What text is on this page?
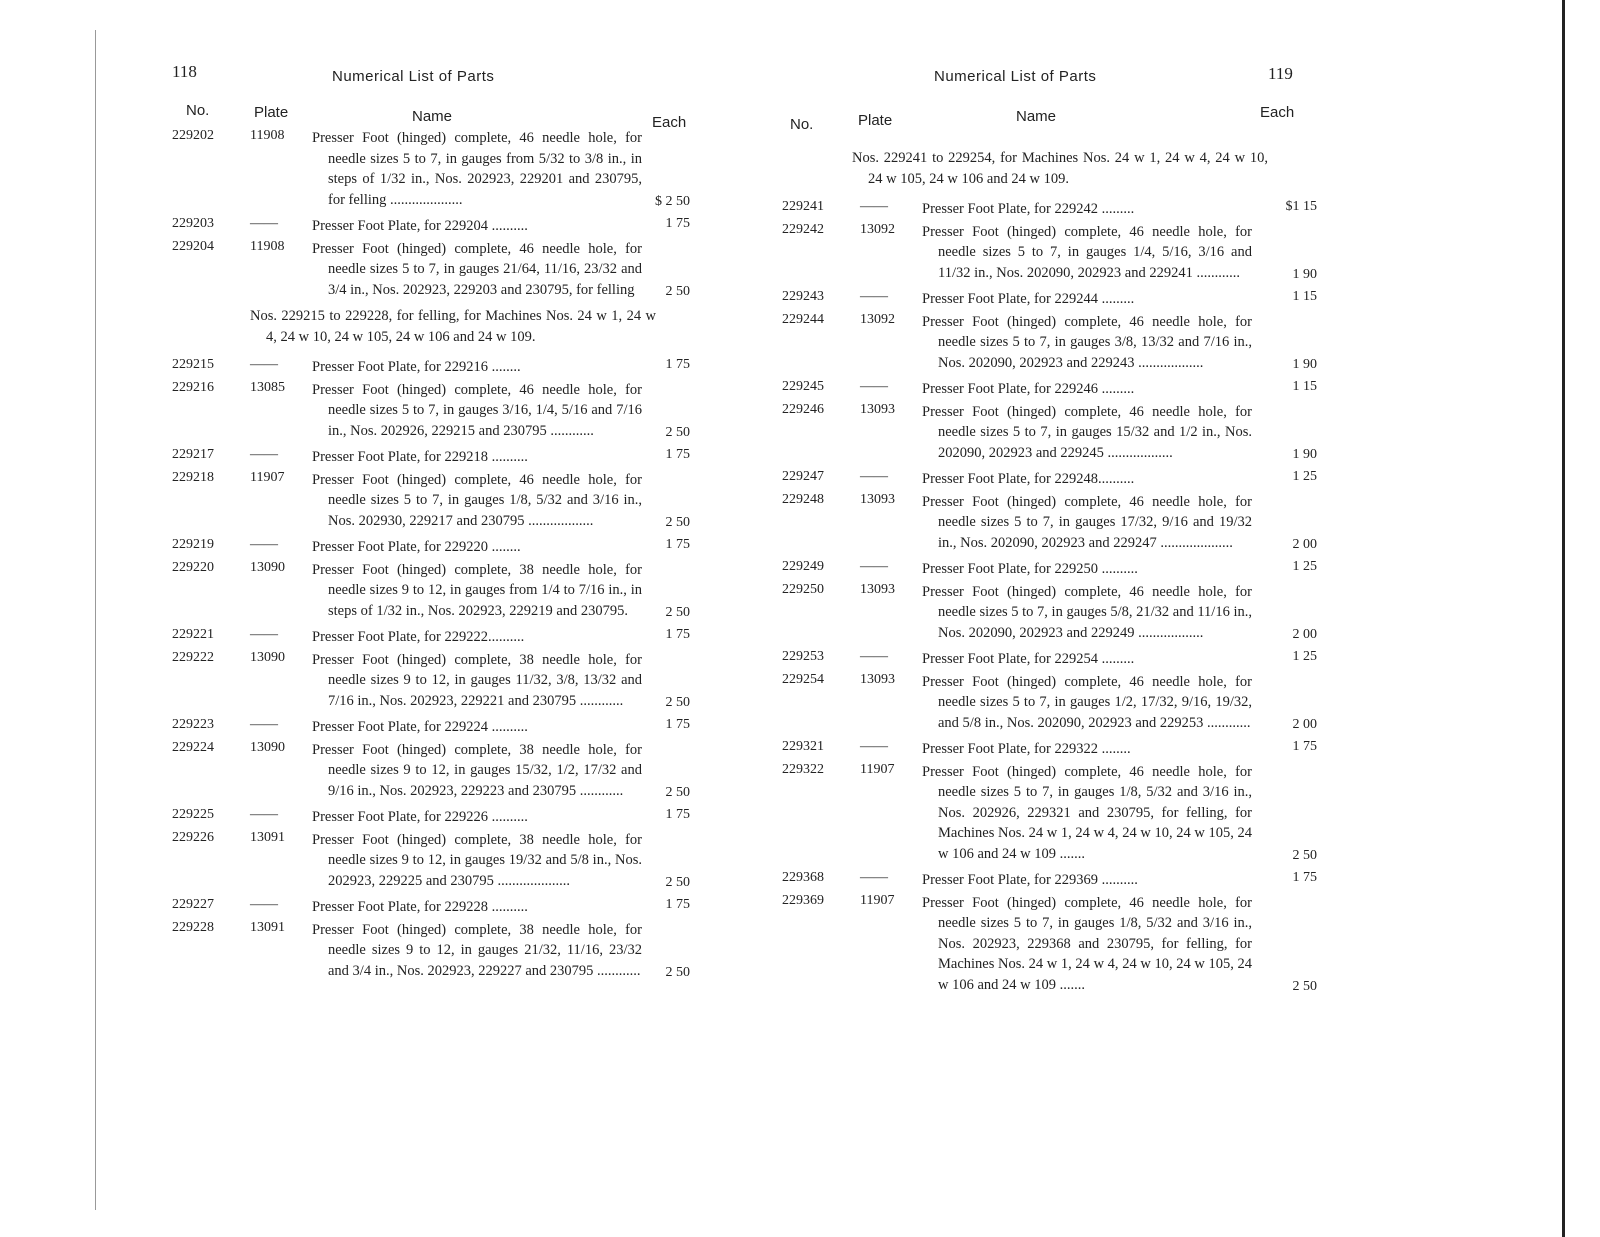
118	Numerical List of Parts
No.	Plate	Name	Each
229202	11908	Presser Foot (hinged) complete, 46 needle hole, for needle sizes 5 to 7, in gauges from 5/32 to 3/8 in., in steps of 1/32 in., Nos. 202923, 229201 and 230795, for felling ....................	$ 2 50
229203	——	Presser Foot Plate, for 229204 ..........	1 75
229204	11908	Presser Foot (hinged) complete, 46 needle hole, for needle sizes 5 to 7, in gauges 21/64, 11/16, 23/32 and 3/4 in., Nos. 202923, 229203 and 230795, for felling	2 50
Nos. 229215 to 229228, for felling, for Machines Nos. 24 w 1, 24 w 4, 24 w 10, 24 w 105, 24 w 106 and 24 w 109.
229215	——	Presser Foot Plate, for 229216 ........	1 75
229216	13085	Presser Foot (hinged) complete, 46 needle hole, for needle sizes 5 to 7, in gauges 3/16, 1/4, 5/16 and 7/16 in., Nos. 202926, 229215 and 230795 ............	2 50
229217	——	Presser Foot Plate, for 229218 ..........	1 75
229218	11907	Presser Foot (hinged) complete, 46 needle hole, for needle sizes 5 to 7, in gauges 1/8, 5/32 and 3/16 in., Nos. 202930, 229217 and 230795 ..................	2 50
229219	——	Presser Foot Plate, for 229220 ........	1 75
229220	13090	Presser Foot (hinged) complete, 38 needle hole, for needle sizes 9 to 12, in gauges from 1/4 to 7/16 in., in steps of 1/32 in., Nos. 202923, 229219 and 230795.	2 50
229221	——	Presser Foot Plate, for 229222..........	1 75
229222	13090	Presser Foot (hinged) complete, 38 needle hole, for needle sizes 9 to 12, in gauges 11/32, 3/8, 13/32 and 7/16 in., Nos. 202923, 229221 and 230795 ............	2 50
229223	——	Presser Foot Plate, for 229224 ..........	1 75
229224	13090	Presser Foot (hinged) complete, 38 needle hole, for needle sizes 9 to 12, in gauges 15/32, 1/2, 17/32 and 9/16 in., Nos. 202923, 229223 and 230795 ............	2 50
229225	——	Presser Foot Plate, for 229226 ..........	1 75
229226	13091	Presser Foot (hinged) complete, 38 needle hole, for needle sizes 9 to 12, in gauges 19/32 and 5/8 in., Nos. 202923, 229225 and 230795 ....................	2 50
229227	——	Presser Foot Plate, for 229228 ..........	1 75
229228	13091	Presser Foot (hinged) complete, 38 needle hole, for needle sizes 9 to 12, in gauges 21/32, 11/16, 23/32 and 3/4 in., Nos. 202923, 229227 and 230795 ............	2 50
Numerical List of Parts	119
No.	Plate	Name	Each
Nos. 229241 to 229254, for Machines Nos. 24 w 1, 24 w 4, 24 w 10, 24 w 105, 24 w 106 and 24 w 109.
229241	——	Presser Foot Plate, for 229242 .........	$1 15
229242	13092	Presser Foot (hinged) complete, 46 needle hole, for needle sizes 5 to 7, in gauges 1/4, 5/16, 3/16 and 11/32 in., Nos. 202090, 202923 and 229241 ............	1 90
229243	——	Presser Foot Plate, for 229244 .........	1 15
229244	13092	Presser Foot (hinged) complete, 46 needle hole, for needle sizes 5 to 7, in gauges 3/8, 13/32 and 7/16 in., Nos. 202090, 202923 and 229243 ..................	1 90
229245	——	Presser Foot Plate, for 229246 .........	1 15
229246	13093	Presser Foot (hinged) complete, 46 needle hole, for needle sizes 5 to 7, in gauges 15/32 and 1/2 in., Nos. 202090, 202923 and 229245 ..................	1 90
229247	——	Presser Foot Plate, for 229248..........	1 25
229248	13093	Presser Foot (hinged) complete, 46 needle hole, for needle sizes 5 to 7, in gauges 17/32, 9/16 and 19/32 in., Nos. 202090, 202923 and 229247 ....................	2 00
229249	——	Presser Foot Plate, for 229250 ..........	1 25
229250	13093	Presser Foot (hinged) complete, 46 needle hole, for needle sizes 5 to 7, in gauges 5/8, 21/32 and 11/16 in., Nos. 202090, 202923 and 229249 ..................	2 00
229253	——	Presser Foot Plate, for 229254 .........	1 25
229254	13093	Presser Foot (hinged) complete, 46 needle hole, for needle sizes 5 to 7, in gauges 1/2, 17/32, 9/16, 19/32, and 5/8 in., Nos. 202090, 202923 and 229253 ............	2 00
229321	——	Presser Foot Plate, for 229322 ........	1 75
229322	11907	Presser Foot (hinged) complete, 46 needle hole, for needle sizes 5 to 7, in gauges 1/8, 5/32 and 3/16 in., Nos. 202926, 229321 and 230795, for felling, for Machines Nos. 24 w 1, 24 w 4, 24 w 10, 24 w 105, 24 w 106 and 24 w 109 .......	2 50
229368	——	Presser Foot Plate, for 229369 ..........	1 75
229369	11907	Presser Foot (hinged) complete, 46 needle hole, for needle sizes 5 to 7, in gauges 1/8, 5/32 and 3/16 in., Nos. 202923, 229368 and 230795, for felling, for Machines Nos. 24 w 1, 24 w 4, 24 w 10, 24 w 105, 24 w 106 and 24 w 109 .......	2 50
